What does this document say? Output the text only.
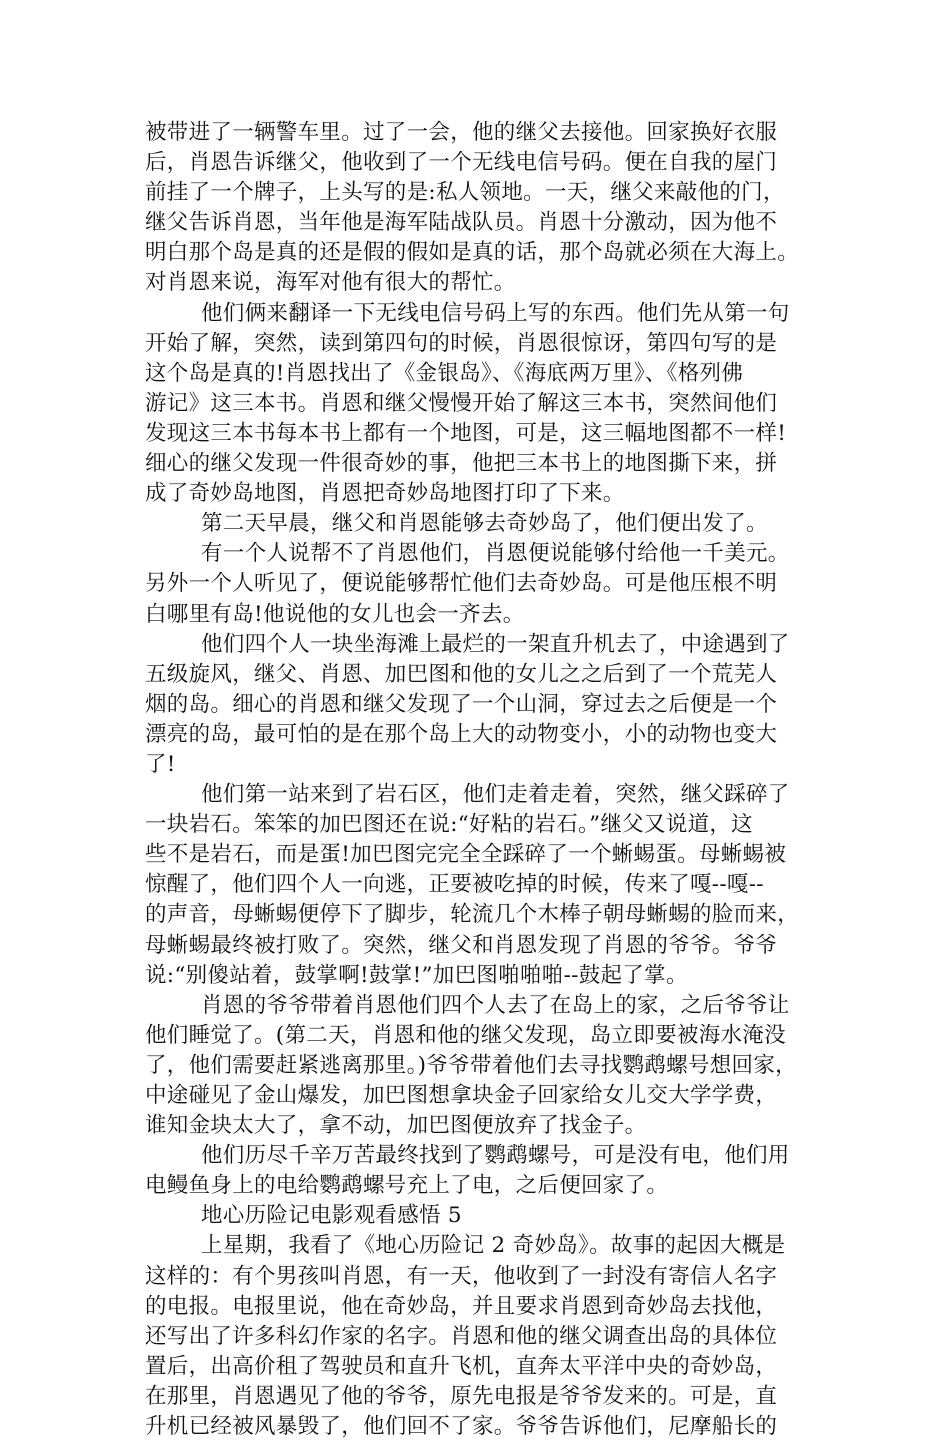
被带进了一辆警车里。过了一会，他的继父去接他。回家换好衣服
后，肖恩告诉继父，他收到了一个无线电信号码。便在自我的屋门
前挂了一个牌子，上头写的是:私人领地。一天，继父来敲他的门，
继父告诉肖恩，当年他是海军陆战队员。肖恩十分激动，因为他不
明白那个岛是真的还是假的假如是真的话，那个岛就必须在大海上。
对肖恩来说，海军对他有很大的帮忙。
他们俩来翻译一下无线电信号码上写的东西。他们先从第一句
开始了解，突然，读到第四句的时候，肖恩很惊讶，第四句写的是
这个岛是真的!肖恩找出了《金银岛》、《海底两万里》、《格列佛
游记》这三本书。肖恩和继父慢慢开始了解这三本书，突然间他们
发现这三本书每本书上都有一个地图，可是，这三幅地图都不一样!
细心的继父发现一件很奇妙的事，他把三本书上的地图撕下来，拼
成了奇妙岛地图，肖恩把奇妙岛地图打印了下来。
第二天早晨，继父和肖恩能够去奇妙岛了，他们便出发了。
有一个人说帮不了肖恩他们，肖恩便说能够付给他一千美元。
另外一个人听见了，便说能够帮忙他们去奇妙岛。可是他压根不明
白哪里有岛!他说他的女儿也会一齐去。
他们四个人一块坐海滩上最烂的一架直升机去了，中途遇到了
五级旋风，继父、肖恩、加巴图和他的女儿之之后到了一个荒芜人
烟的岛。细心的肖恩和继父发现了一个山洞，穿过去之后便是一个
漂亮的岛，最可怕的是在那个岛上大的动物变小，小的动物也变大
了!
他们第一站来到了岩石区，他们走着走着，突然，继父踩碎了
一块岩石。笨笨的加巴图还在说:“好粘的岩石。”继父又说道，这
些不是岩石，而是蛋!加巴图完完全全踩碎了一个蜥蜴蛋。母蜥蜴被
惊醒了，他们四个人一向逃，正要被吃掉的时候，传来了嘎--嘎--
的声音，母蜥蜴便停下了脚步，轮流几个木棒子朝母蜥蜴的脸而来，
母蜥蜴最终被打败了。突然，继父和肖恩发现了肖恩的爷爷。爷爷
说:“别傻站着，鼓掌啊!鼓掌!”加巴图啪啪啪--鼓起了掌。
肖恩的爷爷带着肖恩他们四个人去了在岛上的家，之后爷爷让
他们睡觉了。(第二天，肖恩和他的继父发现，岛立即要被海水淹没
了，他们需要赶紧逃离那里。)爷爷带着他们去寻找鹦鹉螺号想回家，
中途碰见了金山爆发，加巴图想拿块金子回家给女儿交大学学费，
谁知金块太大了，拿不动，加巴图便放弃了找金子。
他们历尽千辛万苦最终找到了鹦鹉螺号，可是没有电，他们用
电鳗鱼身上的电给鹦鹉螺号充上了电，之后便回家了。
地心历险记电影观看感悟 5
上星期，我看了《地心历险记 2 奇妙岛》。故事的起因大概是
这样的：有个男孩叫肖恩，有一天，他收到了一封没有寄信人名字
的电报。电报里说，他在奇妙岛，并且要求肖恩到奇妙岛去找他，
还写出了许多科幻作家的名字。肖恩和他的继父调查出岛的具体位
置后，出高价租了驾驶员和直升飞机，直奔太平洋中央的奇妙岛，
在那里，肖恩遇见了他的爷爷，原先电报是爷爷发来的。可是，直
升机已经被风暴毁了，他们回不了家。爷爷告诉他们，尼摩船长的
